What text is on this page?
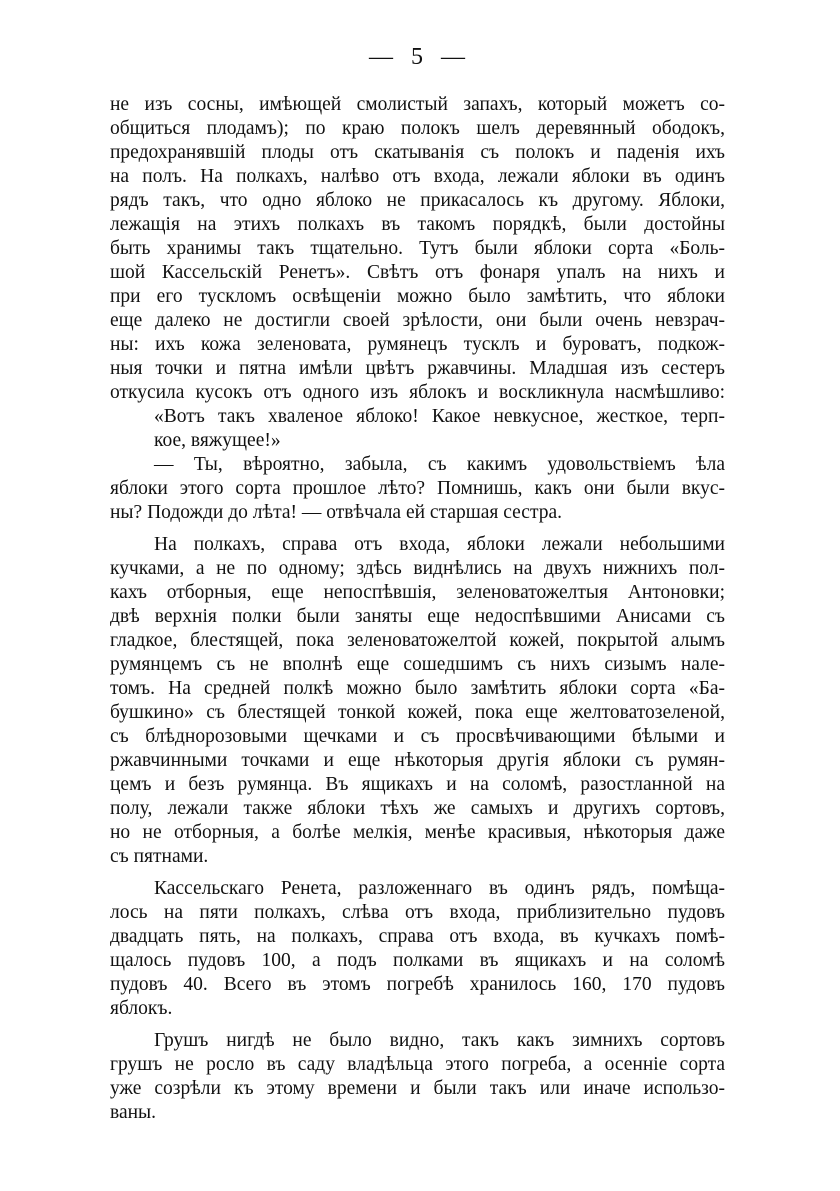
— 5 —

не изъ сосны, имѣющей смолистый запахъ, который можетъ со-
общиться плодамъ); по краю полокъ шелъ деревянный ободокъ,
предохранявшій плоды отъ скатыванія съ полокъ и паденія ихъ
на полъ. На полкахъ, налѣво отъ входа, лежали яблоки въ одинъ
рядъ такъ, что одно яблоко не прикасалось къ другому. Яблоки,
лежащія на этихъ полкахъ въ такомъ порядкѣ, были достойны
быть хранимы такъ тщательно. Тутъ были яблоки сорта «Боль-
шой Кассельскій Ренетъ». Свѣтъ отъ фонаря упалъ на нихъ и
при его тускломъ освѣщеніи можно было замѣтить, что яблоки
еще далеко не достигли своей зрѣлости, они были очень невзрач-
ны: ихъ кожа зеленовата, румянецъ тусклъ и буроватъ, подкож-
ныя точки и пятна имѣли цвѣтъ ржавчины. Младшая изъ сестеръ
откусила кусокъ отъ одного изъ яблокъ и воскликнула насмѣшливо:

«Вотъ такъ хваленое яблоко! Какое невкусное, жесткое, терп-
кое, вяжущее!»

— Ты, вѣроятно, забыла, съ какимъ удовольствіемъ ѣла
яблоки этого сорта прошлое лѣто? Помнишь, какъ они были вкус-
ны? Подожди до лѣта! — отвѣчала ей старшая сестра.

На полкахъ, справа отъ входа, яблоки лежали небольшими
кучками, а не по одному; здѣсь виднѣлись на двухъ нижнихъ пол-
кахъ отборныя, еще непоспѣвшія, зеленоватожелтыя Антоновки;
двѣ верхнія полки были заняты еще недоспѣвшими Анисами съ
гладкое, блестящей, пока зеленоватожелтой кожей, покрытой алымъ
румянцемъ съ не вполнѣ еще сошедшимъ съ нихъ сизымъ нале-
томъ. На средней полкѣ можно было замѣтить яблоки сорта «Ба-
бушкино» съ блестящей тонкой кожей, пока еще желтоватозеленой,
съ блѣднорозовыми щечками и съ просвѣчивающими бѣлыми и
ржавчинными точками и еще нѣкоторыя другія яблоки съ румян-
цемъ и безъ румянца. Въ ящикахъ и на соломѣ, разостланной на
полу, лежали также яблоки тѣхъ же самыхъ и другихъ сортовъ,
но не отборныя, а болѣе мелкія, менѣе красивыя, нѣкоторыя даже
съ пятнами.

Кассельскаго Ренета, разложеннаго въ одинъ рядъ, помѣща-
лось на пяти полкахъ, слѣва отъ входа, приблизительно пудовъ
двадцать пять, на полкахъ, справа отъ входа, въ кучкахъ помѣ-
щалось пудовъ 100, а подъ полками въ ящикахъ и на соломѣ
пудовъ 40. Всего въ этомъ погребѣ хранилось 160, 170 пудовъ
яблокъ.

Грушъ нигдѣ не было видно, такъ какъ зимнихъ сортовъ
грушъ не росло въ саду владѣльца этого погреба, а осенніе сорта
уже созрѣли къ этому времени и были такъ или иначе использо-
ваны.
